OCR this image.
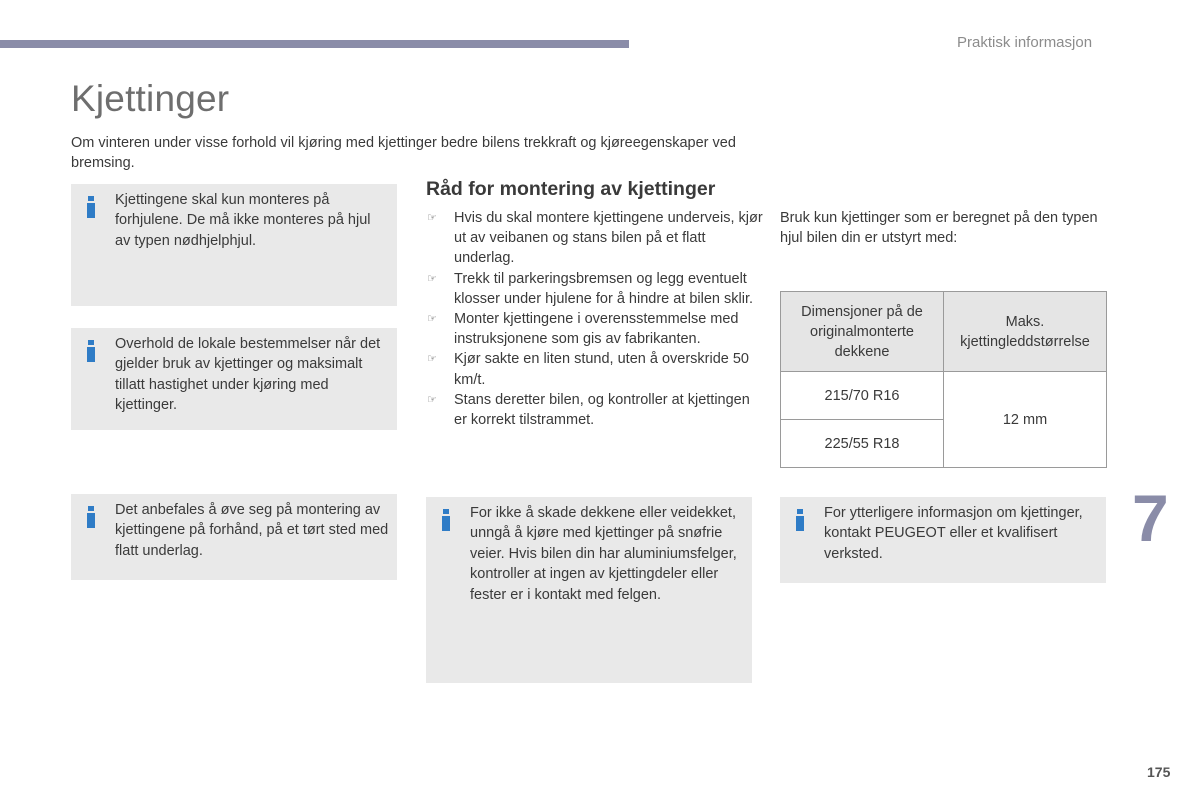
Praktisk informasjon
Kjettinger
Om vinteren under visse forhold vil kjøring med kjettinger bedre bilens trekkraft og kjøreegenskaper ved bremsing.
Kjettingene skal kun monteres på forhjulene. De må ikke monteres på hjul av typen nødhjelphjul.
Overhold de lokale bestemmelser når det gjelder bruk av kjettinger og maksimalt tillatt hastighet under kjøring med kjettinger.
Det anbefales å øve seg på montering av kjettingene på forhånd, på et tørt sted med flatt underlag.
For ikke å skade dekkene eller veidekket, unngå å kjøre med kjettinger på snøfrie veier. Hvis bilen din har aluminiumsfelger, kontroller at ingen av kjettingdeler eller fester er i kontakt med felgen.
For ytterligere informasjon om kjettinger, kontakt PEUGEOT eller et kvalifisert verksted.
Råd for montering av kjettinger
☞ Hvis du skal montere kjettingene underveis, kjør ut av veibanen og stans bilen på et flatt underlag.
☞ Trekk til parkeringsbremsen og legg eventuelt klosser under hjulene for å hindre at bilen sklir.
☞ Monter kjettingene i overensstemmelse med instruksjonene som gis av fabrikanten.
☞ Kjør sakte en liten stund, uten å overskride 50 km/t.
☞ Stans deretter bilen, og kontroller at kjettingen er korrekt tilstrammet.
Bruk kun kjettinger som er beregnet på den typen hjul bilen din er utstyrt med:
Dimensjoner på de originalmonterte dekkene	Maks. kjettingleddstørrelse
215/70 R16	12 mm
225/55 R18	
7
175
